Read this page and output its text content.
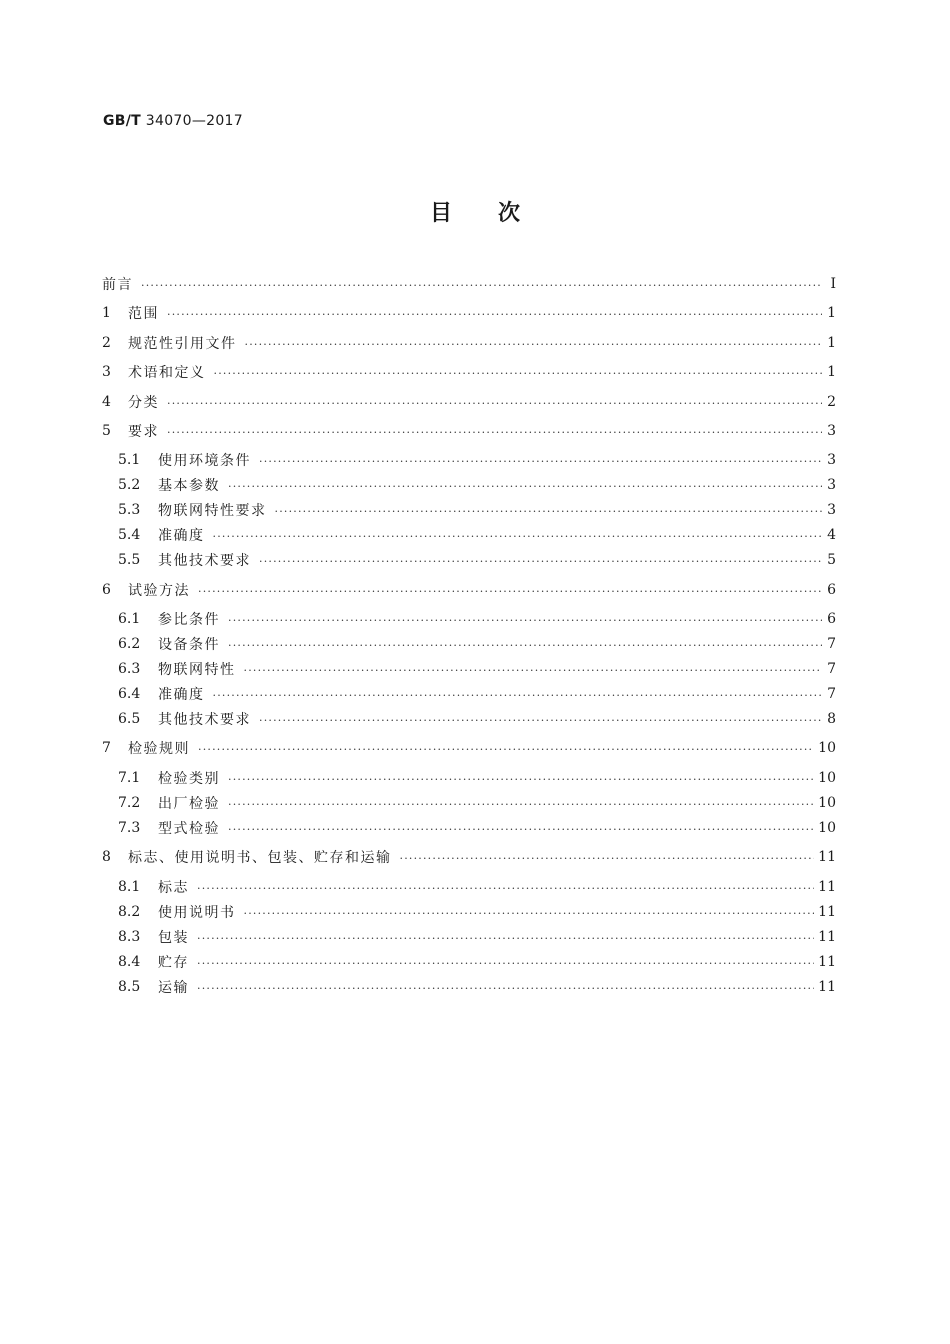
GB/T 34070—2017
目次
前言 ·····	Ⅰ
1	范围 ·····	1
2	规范性引用文件 ·····	1
3	术语和定义 ·····	1
4	分类 ·····	2
5	要求 ·····	3
5.1	使用环境条件 ·····	3
5.2	基本参数 ·····	3
5.3	物联网特性要求 ·····	3
5.4	准确度 ·····	4
5.5	其他技术要求 ·····	5
6	试验方法 ·····	6
6.1	参比条件 ·····	6
6.2	设备条件 ·····	7
6.3	物联网特性 ·····	7
6.4	准确度 ·····	7
6.5	其他技术要求 ·····	8
7	检验规则 ·····	10
7.1	检验类别 ·····	10
7.2	出厂检验 ·····	10
7.3	型式检验 ·····	10
8	标志、使用说明书、包装、贮存和运输 ·····	11
8.1	标志 ·····	11
8.2	使用说明书 ·····	11
8.3	包装 ·····	11
8.4	贮存 ·····	11
8.5	运输 ·····	11
